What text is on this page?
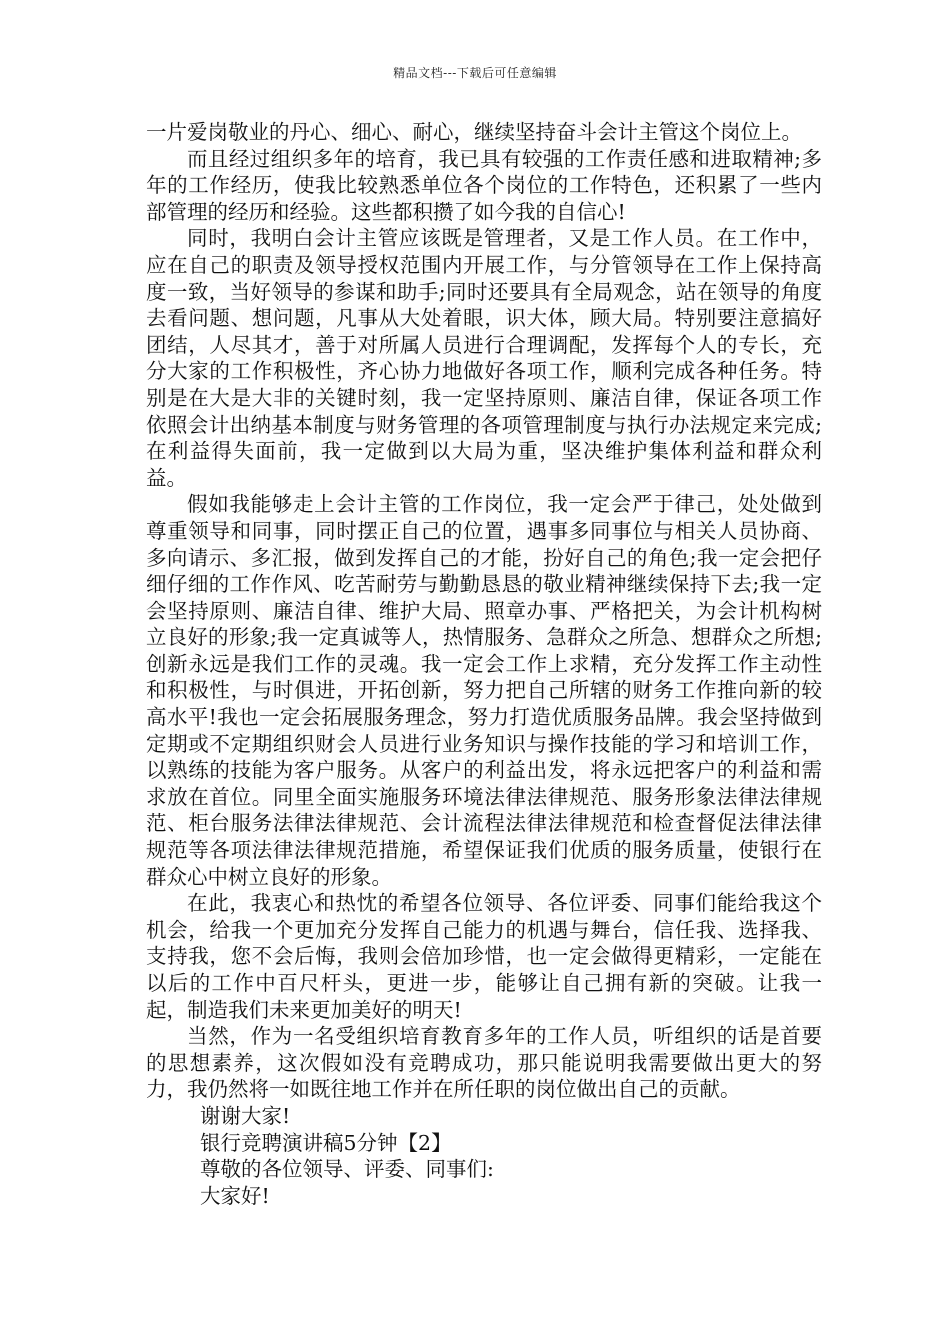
精品文档---下载后可任意编辑

一片爱岗敬业的丹心、细心、耐心，继续坚持奋斗会计主管这个岗位上。

而且经过组织多年的培育，我已具有较强的工作责任感和进取精神;多年的工作经历，使我比较熟悉单位各个岗位的工作特色，还积累了一些内部管理的经历和经验。这些都积攒了如今我的自信心!

同时，我明白会计主管应该既是管理者，又是工作人员。在工作中，应在自己的职责及领导授权范围内开展工作，与分管领导在工作上保持高度一致，当好领导的参谋和助手;同时还要具有全局观念，站在领导的角度去看问题、想问题，凡事从大处着眼，识大体，顾大局。特别要注意搞好团结，人尽其才，善于对所属人员进行合理调配，发挥每个人的专长，充分大家的工作积极性，齐心协力地做好各项工作，顺利完成各种任务。特别是在大是大非的关键时刻，我一定坚持原则、廉洁自律，保证各项工作依照会计出纳基本制度与财务管理的各项管理制度与执行办法规定来完成;在利益得失面前，我一定做到以大局为重，坚决维护集体利益和群众利益。

假如我能够走上会计主管的工作岗位，我一定会严于律己，处处做到尊重领导和同事，同时摆正自己的位置，遇事多同事位与相关人员协商、多向请示、多汇报，做到发挥自己的才能，扮好自己的角色;我一定会把仔细仔细的工作作风、吃苦耐劳与勤勤恳恳的敬业精神继续保持下去;我一定会坚持原则、廉洁自律、维护大局、照章办事、严格把关，为会计机构树立良好的形象;我一定真诚等人，热情服务、急群众之所急、想群众之所想;创新永远是我们工作的灵魂。我一定会工作上求精，充分发挥工作主动性和积极性，与时俱进，开拓创新，努力把自己所辖的财务工作推向新的较高水平!我也一定会拓展服务理念，努力打造优质服务品牌。我会坚持做到定期或不定期组织财会人员进行业务知识与操作技能的学习和培训工作，以熟练的技能为客户服务。从客户的利益出发，将永远把客户的利益和需求放在首位。同里全面实施服务环境法律法律规范、服务形象法律法律规范、柜台服务法律法律规范、会计流程法律法律规范和检查督促法律法律规范等各项法律法律规范措施，希望保证我们优质的服务质量，使银行在群众心中树立良好的形象。

在此，我衷心和热忱的希望各位领导、各位评委、同事们能给我这个机会，给我一个更加充分发挥自己能力的机遇与舞台，信任我、选择我、支持我，您不会后悔，我则会倍加珍惜，也一定会做得更精彩，一定能在以后的工作中百尺杆头，更进一步，能够让自己拥有新的突破。让我一起，制造我们未来更加美好的明天!

当然，作为一名受组织培育教育多年的工作人员，听组织的话是首要的思想素养，这次假如没有竞聘成功，那只能说明我需要做出更大的努力，我仍然将一如既往地工作并在所任职的岗位做出自己的贡献。

谢谢大家!

银行竞聘演讲稿5分钟【2】

尊敬的各位领导、评委、同事们:

大家好!
